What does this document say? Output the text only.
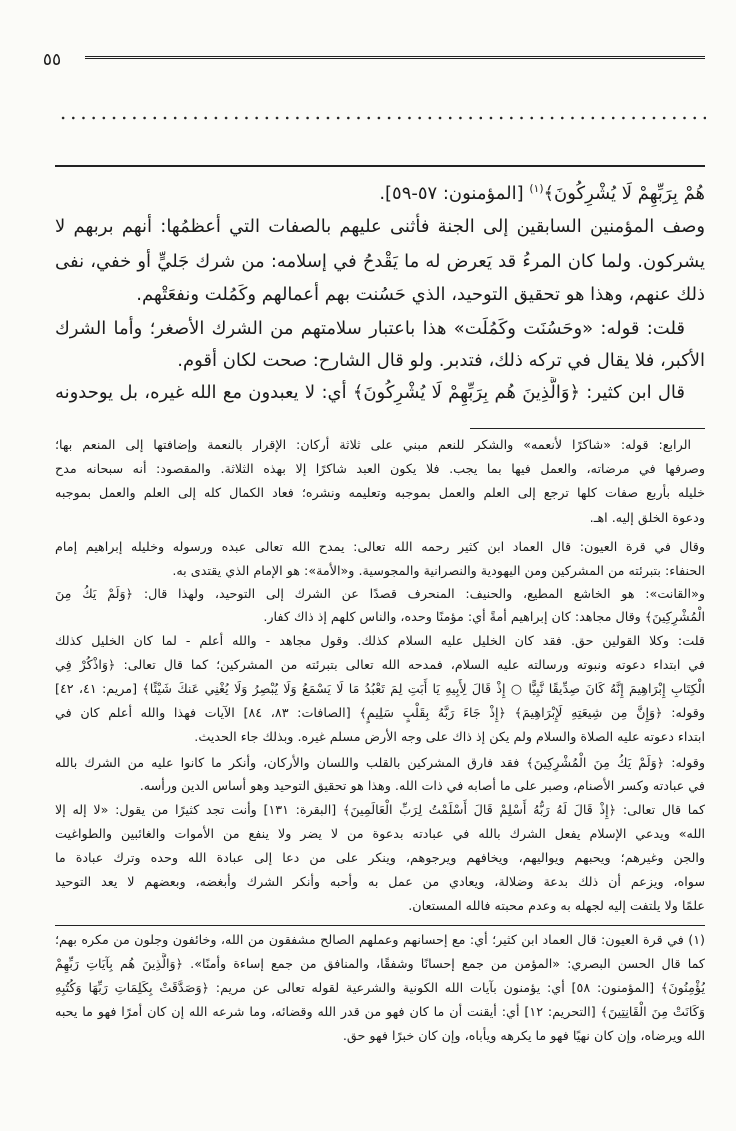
٥٥
هُمْ بِرَبِّهِمْ لَا يُشْرِكُونَ﴾$^{(١)}$ [المؤمنون: ٥٧-٥٩].
وصف المؤمنين السابقين إلى الجنة فأثنى عليهم بالصفات التي أعظمُها: أنهم بربهم لا
يشركون. ولما كان المرءُ قد يَعرض له ما يَقْدحُ في إسلامه: من شرك جَليٍّ أو خفي، نفى
ذلك عنهم، وهذا هو تحقيق التوحيد، الذي حَسُنت بهم أعمالهم وكَمُلت ونفعَتْهم.
قلت: قوله: «وحَسُنَت وكَمُلَت» هذا باعتبار سلامتهم من الشرك الأصغر؛ وأما الشرك
الأكبر، فلا يقال في تركه ذلك، فتدبر. ولو قال الشارح: صحت لكان أقوم.
قال ابن كثير: ﴿وَالَّذِينَ هُم بِرَبِّهِمْ لَا يُشْرِكُونَ﴾ أي: لا يعبدون مع الله غيره، بل يوحدونه
الرابع: قوله: «شاكرًا لأنعمه» والشكر للنعم مبني على ثلاثة أركان: الإقرار بالنعمة وإضافتها إلى المنعم بها؛
وصرفها في مرضاته، والعمل فيها بما يجب. فلا يكون العبد شاكرًا إلا بهذه الثلاثة. والمقصود: أنه سبحانه مدح
خليله بأربع صفات كلها ترجع إلى العلم والعمل بموجبه وتعليمه ونشره؛ فعاد الكمال كله إلى العلم والعمل بموجبه
ودعوة الخلق إليه. اهـ.
وقال في قرة العيون: قال العماد ابن كثير رحمه الله تعالى: يمدح الله تعالى عبده ورسوله وخليله إبراهيم إمام
الحنفاء: بتبرئته من المشركين ومن اليهودية والنصرانية والمجوسية. و«الأمة»: هو الإمام الذي يقتدى به.
و«القانت»: هو الخاشع المطيع، والحنيف: المنحرف قصدًا عن الشرك إلى التوحيد، ولهذا قال: ﴿وَلَمْ يَكُ مِنَ
الْمُشْرِكِينَ﴾ وقال مجاهد: كان إبراهيم أمةً أي: مؤمنًا وحده، والناس كلهم إذ ذاك كفار.
قلت: وكلا القولين حق. فقد كان الخليل عليه السلام كذلك. وقول مجاهد - والله أعلم - لما كان الخليل كذلك
في ابتداء دعوته ونبوته ورسالته عليه السلام، فمدحه الله تعالى بتبرئته من المشركين؛ كما قال تعالى: ﴿وَاذْكُرْ فِي
الْكِتَابِ إِبْرَاهِيمَ إِنَّهُ كَانَ صِدِّيقًا نَّبِيًّا ○ إِذْ قَالَ لِأَبِيهِ يَا أَبَتِ لِمَ تَعْبُدُ مَا لَا يَسْمَعُ وَلَا يُبْصِرُ وَلَا يُغْنِي عَنكَ شَيْئًا﴾ [مريم: ٤١، ٤٢]
وقوله: ﴿وَإِنَّ مِن شِيعَتِهِ لَإِبْرَاهِيمَ﴾ ﴿إِذْ جَاءَ رَبَّهُ بِقَلْبٍ سَلِيمٍ﴾ [الصافات: ٨٣، ٨٤] الآيات فهذا والله أعلم كان في
ابتداء دعوته عليه الصلاة والسلام ولم يكن إذ ذاك على وجه الأرض مسلم غيره. وبذلك جاء الحديث.
وقوله: ﴿وَلَمْ يَكُ مِنَ الْمُشْرِكِينَ﴾ فقد فارق المشركين بالقلب واللسان والأركان، وأنكر ما كانوا عليه من الشرك بالله
في عبادته وكسر الأصنام، وصبر على ما أصابه في ذات الله. وهذا هو تحقيق التوحيد وهو أساس الدين ورأسه.
كما قال تعالى: ﴿إِذْ قَالَ لَهُ رَبُّهُ أَسْلِمْ قَالَ أَسْلَمْتُ لِرَبِّ الْعَالَمِينَ﴾ [البقرة: ١٣١] وأنت تجد كثيرًا من يقول: «لا إله إلا
الله» ويدعي الإسلام يفعل الشرك بالله في عبادته بدعوة من لا يضر ولا ينفع من الأموات والغائبين والطواغيت
والجن وغيرهم؛ ويحبهم ويواليهم، ويخافهم ويرجوهم، وينكر على من دعا إلى عبادة الله وحده وترك عبادة ما
سواه، ويزعم أن ذلك بدعة وضلالة، ويعادي من عمل به وأحبه وأنكر الشرك وأبغضه، وبعضهم لا يعد التوحيد
علمًا ولا يلتفت إليه لجهله به وعدم محبته فالله المستعان.
(١) في قرة العيون: قال العماد ابن كثير؛ أي: مع إحسانهم وعملهم الصالح مشفقون من الله، وخائفون وجلون من مكره بهم؛
كما قال الحسن البصري: «المؤمن من جمع إحسانًا وشفقًا، والمنافق من جمع إساءة وأمنًا». ﴿وَالَّذِينَ هُم بِآيَاتِ رَبِّهِمْ
يُؤْمِنُونَ﴾ [المؤمنون: ٥٨] أي: يؤمنون بآيات الله الكونية والشرعية لقوله تعالى عن مريم: ﴿وَصَدَّقَتْ بِكَلِمَاتِ رَبِّهَا وَكُتُبِهِ
وَكَانَتْ مِنَ الْقَانِتِينَ﴾ [التحريم: ١٢] أي: أيقنت أن ما كان فهو من قدر الله وقضائه، وما شرعه الله إن كان أمرًا فهو ما يحبه
الله ويرضاه، وإن كان نهيًا فهو ما يكرهه ويأباه، وإن كان خبرًا فهو حق.
